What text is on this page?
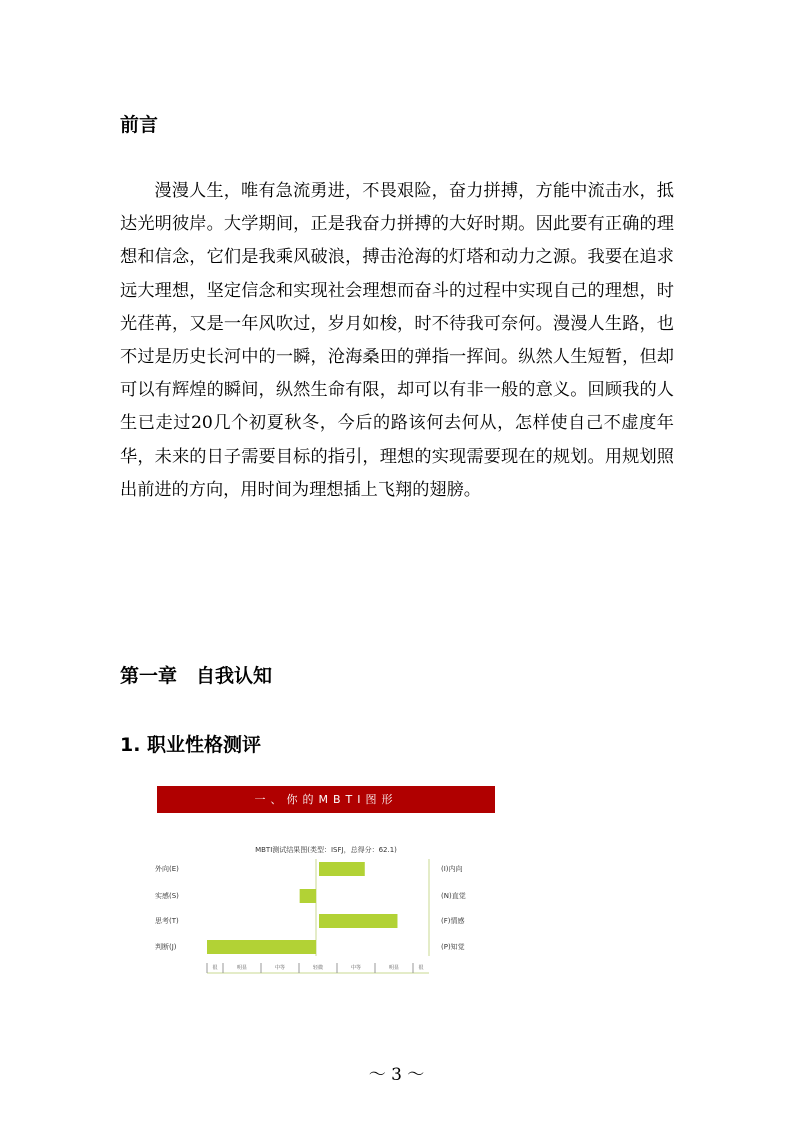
前言

漫漫人生，唯有急流勇进，不畏艰险，奋力拼搏，方能中流击水，抵达光明彼岸。大学期间，正是我奋力拼搏的大好时期。因此要有正确的理想和信念，它们是我乘风破浪，搏击沧海的灯塔和动力之源。我要在追求远大理想，坚定信念和实现社会理想而奋斗的过程中实现自己的理想，时光荏苒，又是一年风吹过，岁月如梭，时不待我可奈何。漫漫人生路，也不过是历史长河中的一瞬，沧海桑田的弹指一挥间。纵然人生短暂，但却可以有辉煌的瞬间，纵然生命有限，却可以有非一般的意义。回顾我的人生已走过20几个初夏秋冬，今后的路该何去何从，怎样使自己不虚度年华，未来的日子需要目标的指引，理想的实现需要现在的规划。用规划照出前进的方向，用时间为理想插上飞翔的翅膀。

第一章　自我认知
1. 职业性格测评
一、你的MBTI图形
MBTI测试结果图(类型：ISFJ，总得分：62.1)
外向(E)	(I)内向
实感(S)	(N)直觉
思考(T)	(F)情感
判断(J)	(P)知觉
很	明显	中等	轻微	中等	明显	很
～ 3 ～
